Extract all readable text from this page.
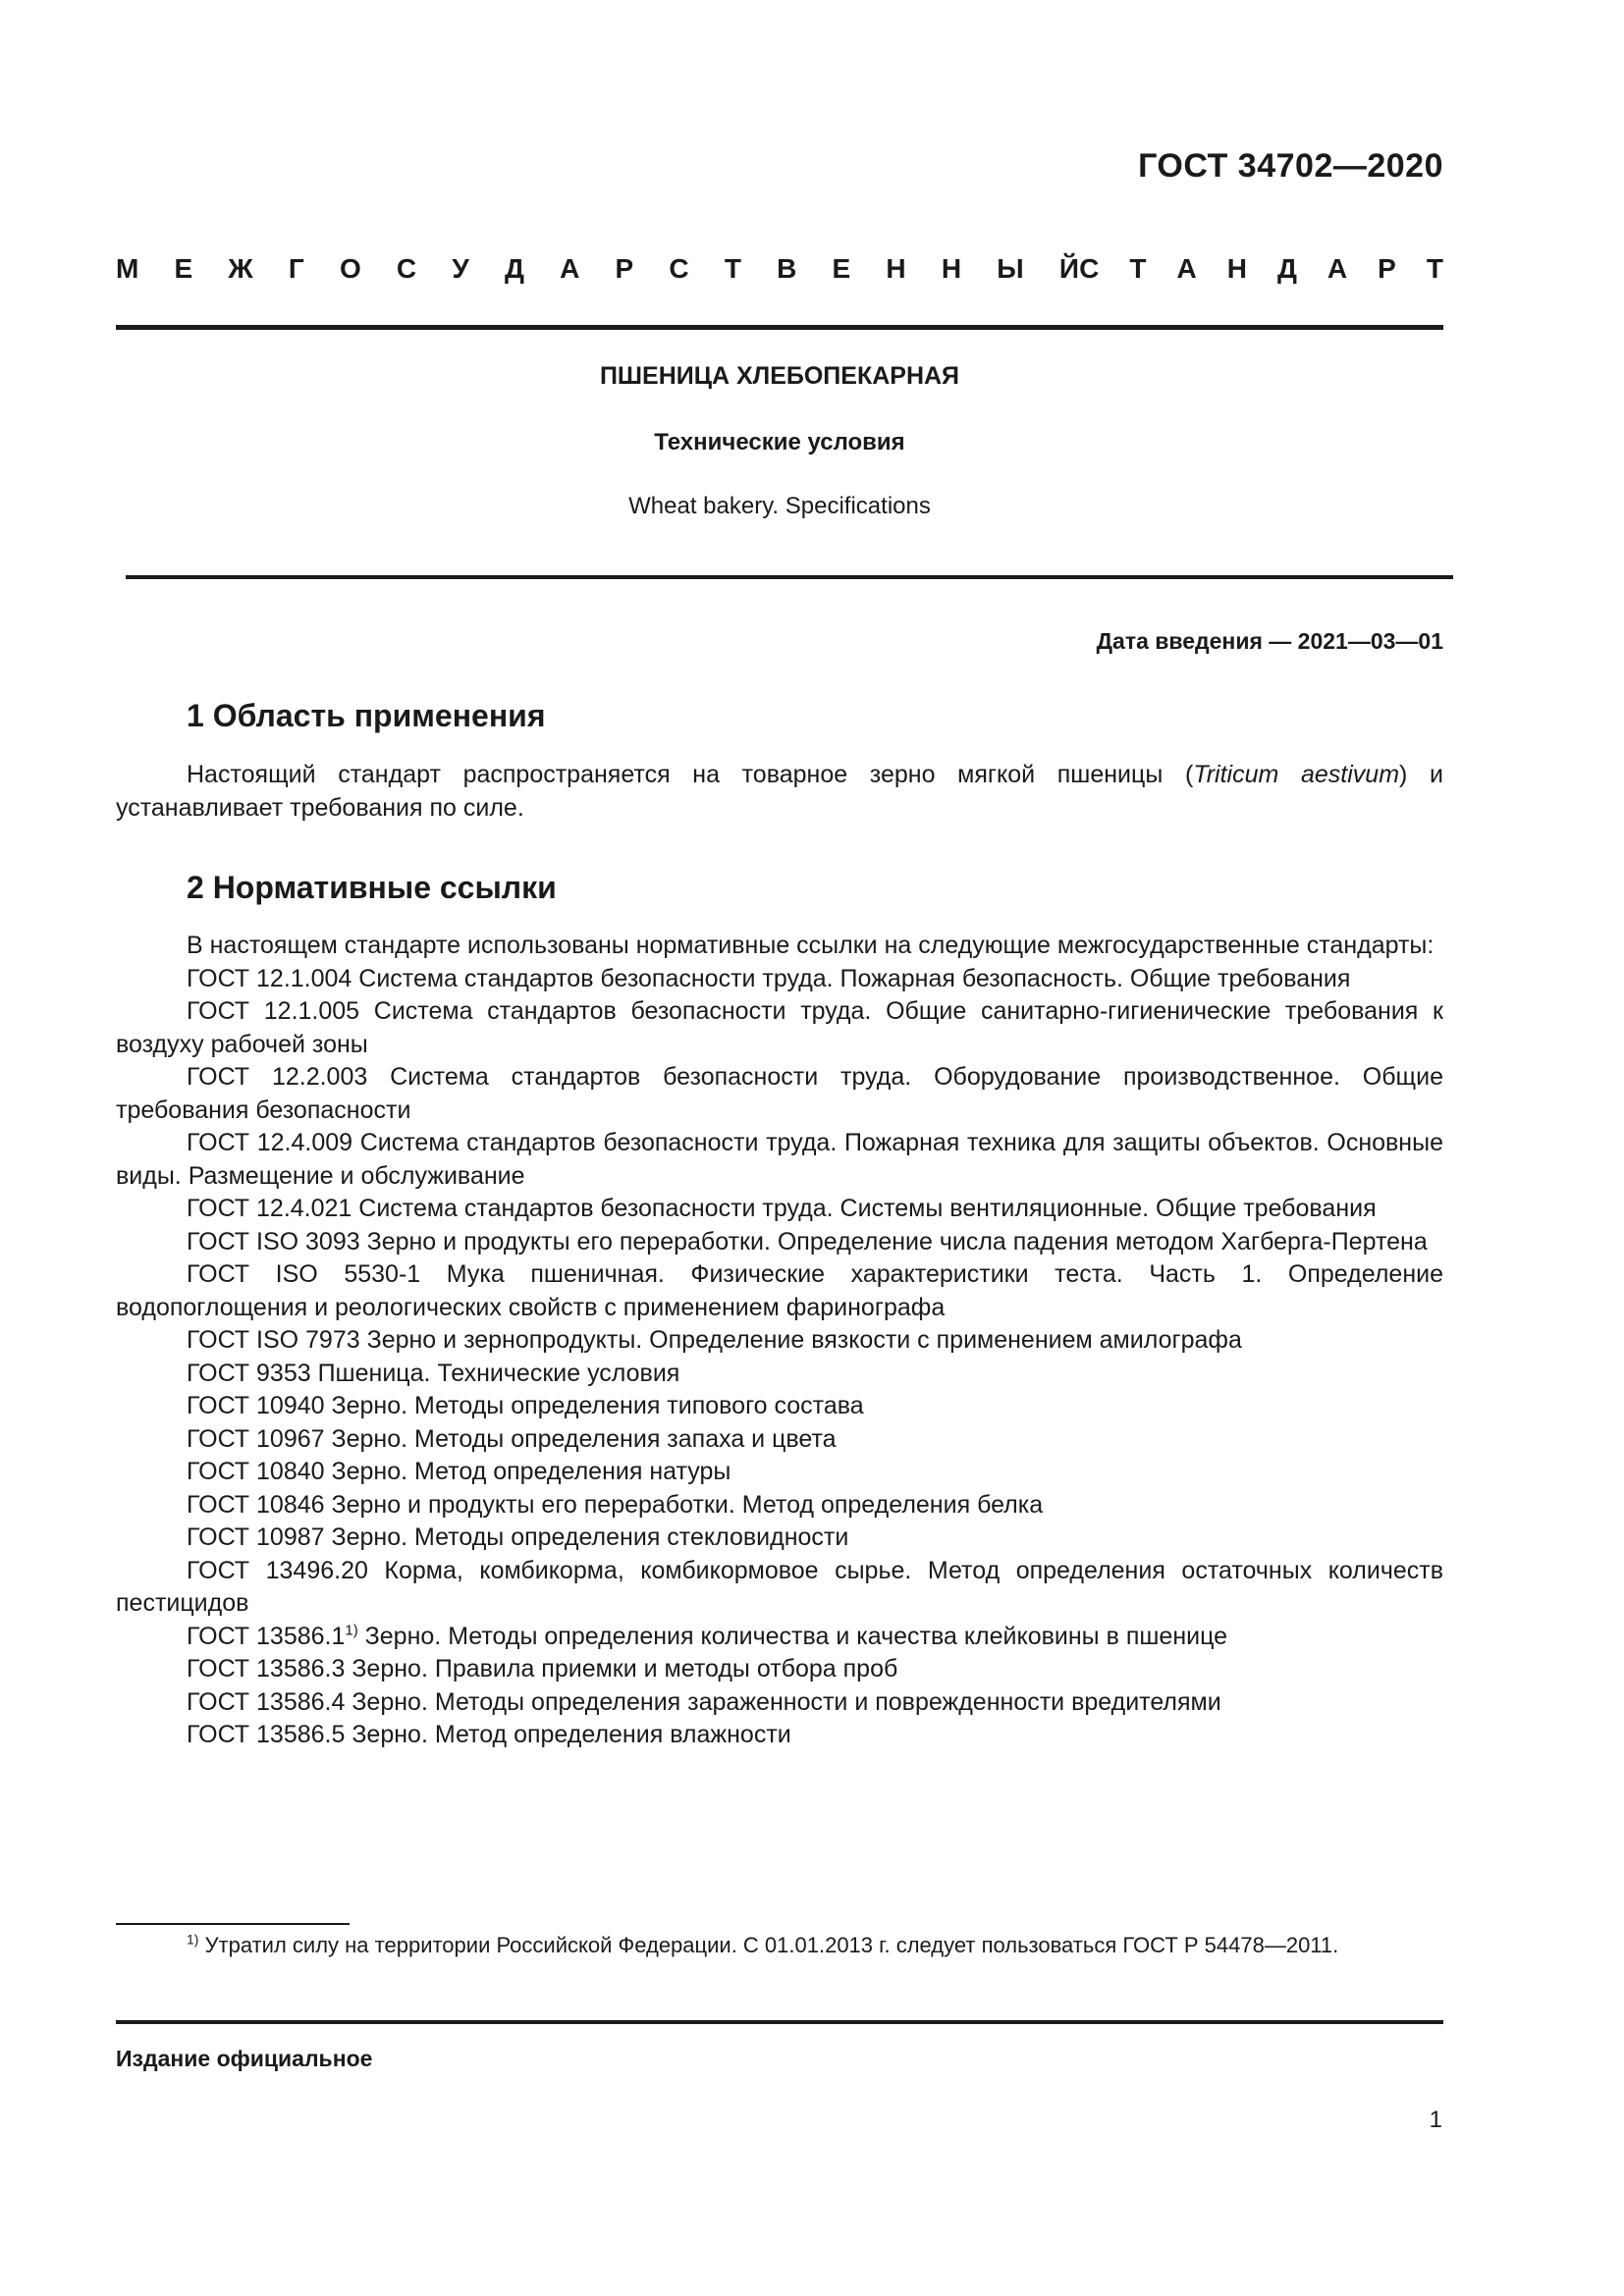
ГОСТ 34702—2020
М Е Ж Г О С У Д А Р С Т В Е Н Н Ы Й С Т А Н Д А Р Т
ПШЕНИЦА ХЛЕБОПЕКАРНАЯ
Технические условия
Wheat bakery. Specifications
Дата введения — 2021—03—01
1 Область применения

Настоящий стандарт распространяется на товарное зерно мягкой пшеницы (Triticum aestivum) и устанавливает требования по силе.

2 Нормативные ссылки

В настоящем стандарте использованы нормативные ссылки на следующие межгосударственные стандарты:

ГОСТ 12.1.004 Система стандартов безопасности труда. Пожарная безопасность. Общие требования

ГОСТ 12.1.005 Система стандартов безопасности труда. Общие санитарно-гигиенические требования к воздуху рабочей зоны

ГОСТ 12.2.003 Система стандартов безопасности труда. Оборудование производственное. Общие требования безопасности

ГОСТ 12.4.009 Система стандартов безопасности труда. Пожарная техника для защиты объектов. Основные виды. Размещение и обслуживание

ГОСТ 12.4.021 Система стандартов безопасности труда. Системы вентиляционные. Общие требования

ГОСТ ISO 3093 Зерно и продукты его переработки. Определение числа падения методом Хагберга-Пертена

ГОСТ ISO 5530-1 Мука пшеничная. Физические характеристики теста. Часть 1. Определение водопоглощения и реологических свойств с применением фаринографа

ГОСТ ISO 7973 Зерно и зернопродукты. Определение вязкости с применением амилографа

ГОСТ 9353 Пшеница. Технические условия

ГОСТ 10940 Зерно. Методы определения типового состава

ГОСТ 10967 Зерно. Методы определения запаха и цвета

ГОСТ 10840 Зерно. Метод определения натуры

ГОСТ 10846 Зерно и продукты его переработки. Метод определения белка

ГОСТ 10987 Зерно. Методы определения стекловидности

ГОСТ 13496.20 Корма, комбикорма, комбикормовое сырье. Метод определения остаточных количеств пестицидов

ГОСТ 13586.1$^{1)}$ Зерно. Методы определения количества и качества клейковины в пшенице

ГОСТ 13586.3 Зерно. Правила приемки и методы отбора проб

ГОСТ 13586.4 Зерно. Методы определения зараженности и поврежденности вредителями

ГОСТ 13586.5 Зерно. Метод определения влажности

$^{1)}$ Утратил силу на территории Российской Федерации. С 01.01.2013 г. следует пользоваться ГОСТ Р 54478—2011.
Издание официальное
1
